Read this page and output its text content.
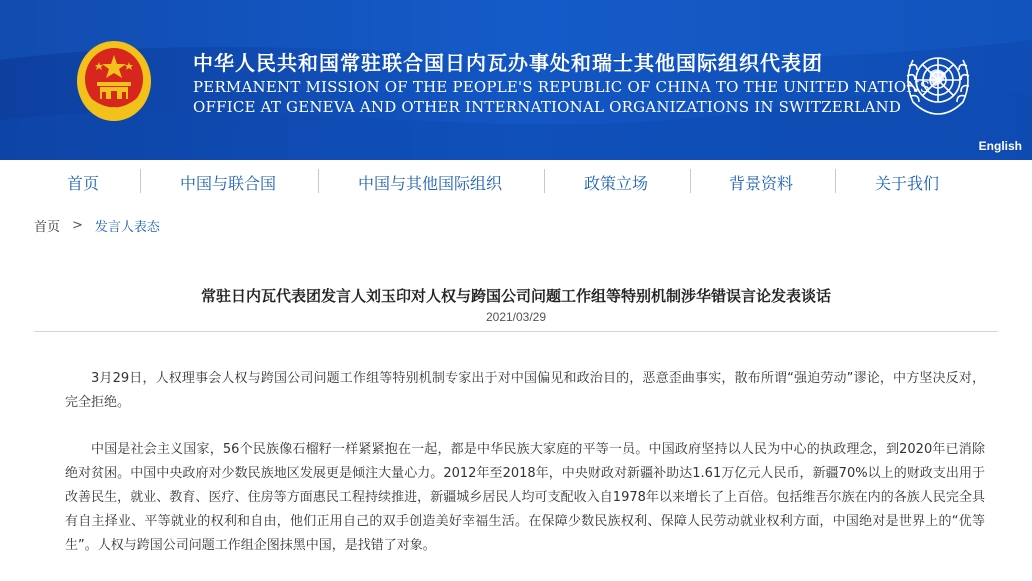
中华人民共和国常驻联合国日内瓦办事处和瑞士其他国际组织代表团
PERMANENT MISSION OF THE PEOPLE'S REPUBLIC OF CHINA TO THE UNITED NATIONS
OFFICE AT GENEVA AND OTHER INTERNATIONAL ORGANIZATIONS IN SWITZERLAND
English
首页	中国与联合国	中国与其他国际组织	政策立场	背景资料	关于我们
首页 > 发言人表态
常驻日内瓦代表团发言人刘玉印对人权与跨国公司问题工作组等特别机制涉华错误言论发表谈话
2021/03/29

3月29日，人权理事会人权与跨国公司问题工作组等特别机制专家出于对中国偏见和政治目的，恶意歪曲事实，散布所谓“强迫劳动”谬论，中方坚决反对，完全拒绝。

中国是社会主义国家，56个民族像石榴籽一样紧紧抱在一起，都是中华民族大家庭的平等一员。中国政府坚持以人民为中心的执政理念，到2020年已消除绝对贫困。中国中央政府对少数民族地区发展更是倾注大量心力。2012年至2018年，中央财政对新疆补助达1.61万亿元人民币，新疆70%以上的财政支出用于改善民生，就业、教育、医疗、住房等方面惠民工程持续推进，新疆城乡居民人均可支配收入自1978年以来增长了上百倍。包括维吾尔族在内的各族人民完全具有自主择业、平等就业的权利和自由，他们正用自己的双手创造美好幸福生活。在保障少数民族权利、保障人民劳动就业权利方面，中国绝对是世界上的“优等生”。人权与跨国公司问题工作组企图抹黑中国，是找错了对象。
